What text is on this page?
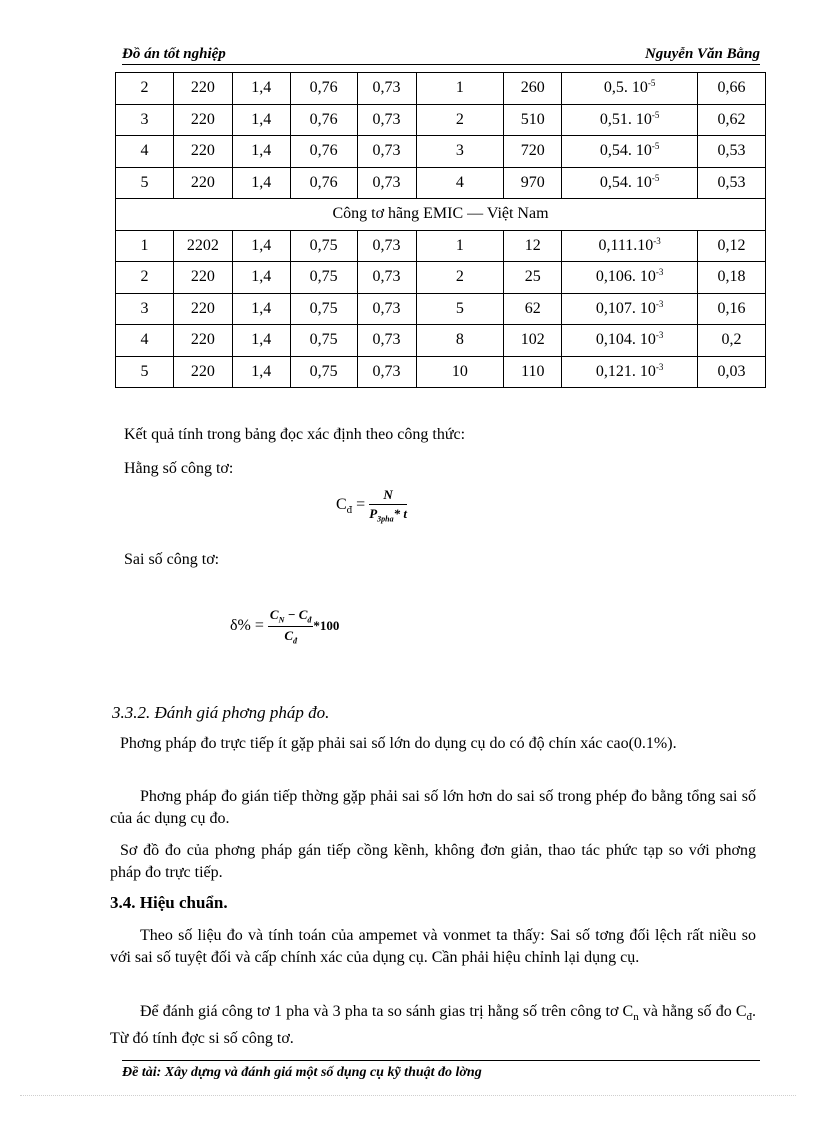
Đồ án tốt nghiệp	Nguyễn Văn Bằng
2	220	1,4	0,76	0,73	1	260	0,5. $10^{-5}$	0,66
3	220	1,4	0,76	0,73	2	510	0,51. $10^{-5}$	0,62
4	220	1,4	0,76	0,73	3	720	0,54. $10^{-5}$	0,53
5	220	1,4	0,76	0,73	4	970	0,54. $10^{-5}$	0,53
Công tơ hãng EMIC — Việt Nam								
1	2202	1,4	0,75	0,73	1	12	$0,111.10^{-3}$	0,12
2	220	1,4	0,75	0,73	2	25	0,106. $10^{-3}$	0,18
3	220	1,4	0,75	0,73	5	62	0,107. $10^{-3}$	0,16
4	220	1,4	0,75	0,73	8	102	0,104. $10^{-3}$	0,2
5	220	1,4	0,75	0,73	10	110	0,121. $10^{-3}$	0,03
Kết quả tính trong bảng đọc xác định theo công thức:
Hằng số công tơ:
$C_đ = \frac{N}{P_{3pha}* t}$
Sai số công tơ:
$\delta\% = \frac{C_N - C_đ}{C_đ} *100$
3.3.2. Đánh giá phơng pháp đo.
Phơng pháp đo trực tiếp ít gặp phải sai số lớn do dụng cụ do có độ chín xác cao(0.1%).
Phơng pháp đo gián tiếp thờng gặp phải sai số lớn hơn do sai số trong phép đo bằng tổng sai số của ác dụng cụ đo.
Sơ đồ đo của phơng pháp gán tiếp cồng kềnh, không đơn giản, thao tác phức tạp so với phơng pháp đo trực tiếp.
3.4. Hiệu chuẩn.
Theo số liệu đo và tính toán của ampemet và vonmet ta thấy: Sai số tơng đối lệch rất niều so với sai số tuyệt đối và cấp chính xác của dụng cụ. Cần phải hiệu chỉnh lại dụng cụ.
Để đánh giá công tơ 1 pha và 3 pha ta so sánh gias trị hằng số trên công tơ $C_n$ và hằng số đo $C_đ$. Từ đó tính đợc si số công tơ.
Đề tài: Xây dựng và đánh giá một số dụng cụ kỹ thuật đo lờng
